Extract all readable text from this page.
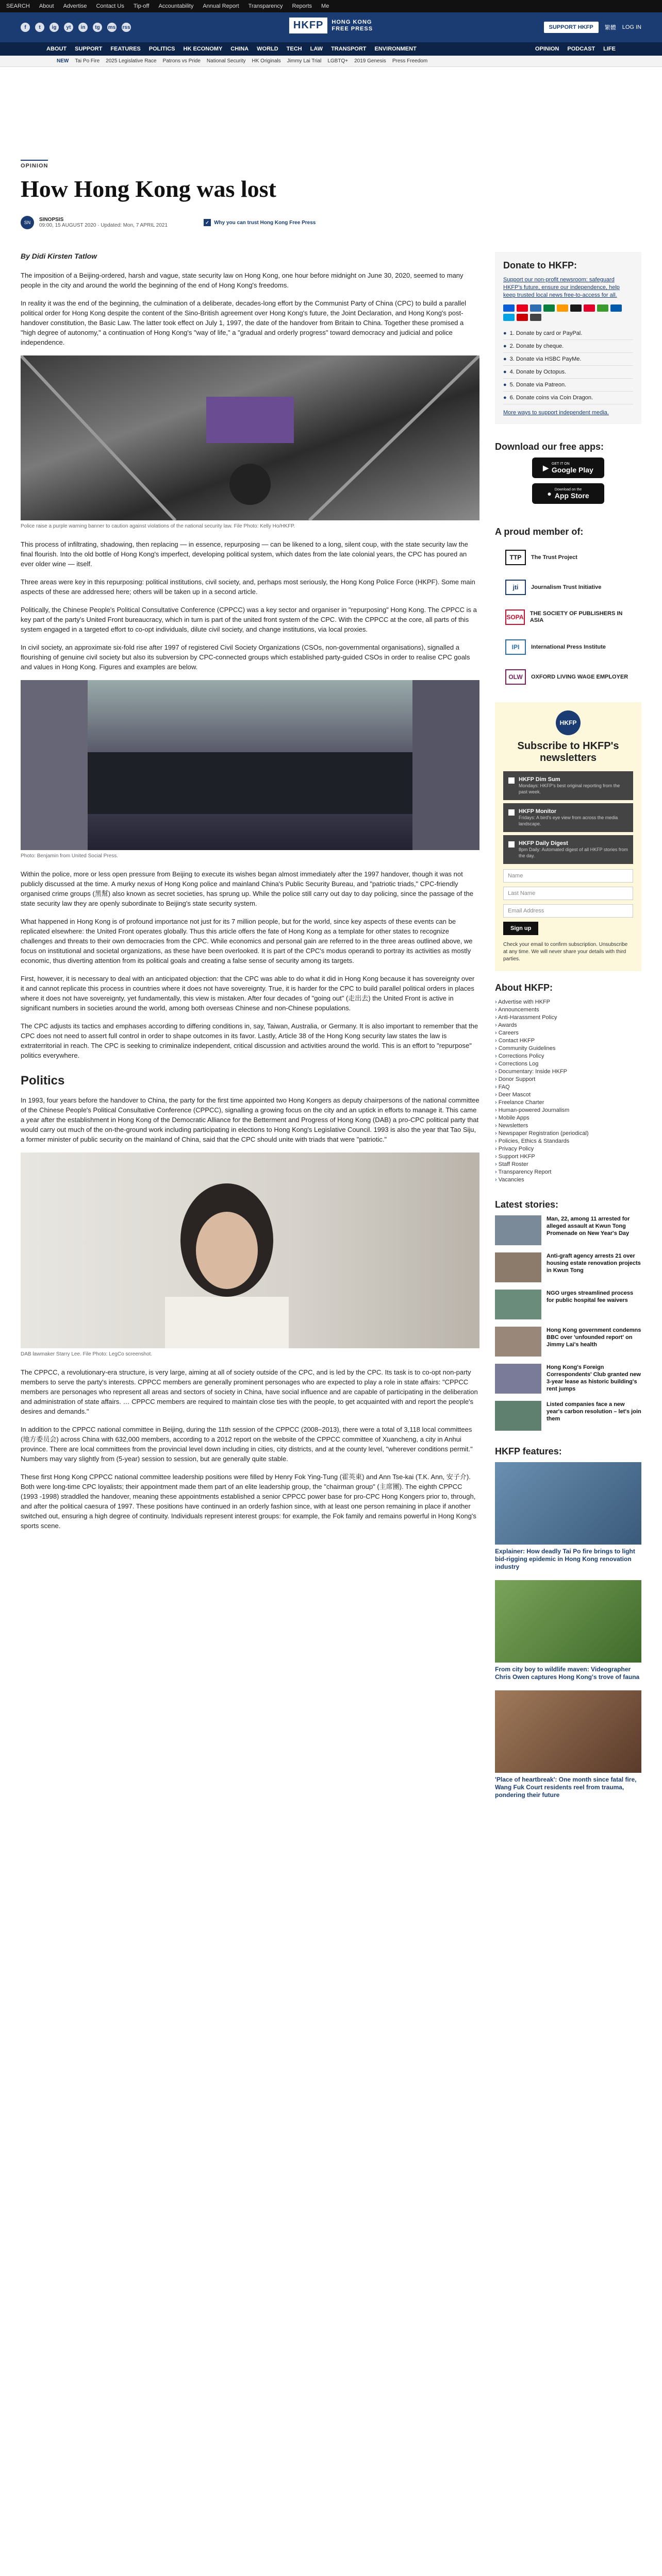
SEARCH About Advertise Contact Us Tip-off Accountability Annual Report Transparency Reports Me
f	t	ig	yt	in	tg	ms rss	HKFP	HONG KONG
FREE PRESS	SUPPORT HKFP	繁體 LOG IN
ABOUT SUPPORT FEATURES POLITICS HK ECONOMY CHINA WORLD TECH LAW TRANSPORT ENVIRONMENT	OPINION PODCAST LIFE
NEW Tai Po Fire 2025 Legislative Race Patrons vs Pride National Security HK Originals Jimmy Lai Trial LGBTQ+ 2019 Genesis Press Freedom
OPINION
How Hong Kong was lost
SN	SINOPSIS
09:00, 15 AUGUST 2020 · Updated: Mon, 7 APRIL 2021
✓ Why you can trust Hong Kong Free Press
By Didi Kirsten Tatlow

The imposition of a Beijing-ordered, harsh and vague, state security law on Hong Kong, one hour before midnight on June 30, 2020, seemed to many people in the city and around the world the beginning of the end of Hong Kong's freedoms.

In reality it was the end of the beginning, the culmination of a deliberate, decades-long effort by the Communist Party of China (CPC) to build a parallel political order for Hong Kong despite the content of the Sino-British agreement over Hong Kong's future, the Joint Declaration, and Hong Kong's post-handover constitution, the Basic Law. The latter took effect on July 1, 1997, the date of the handover from Britain to China. Together these promised a "high degree of autonomy," a continuation of Hong Kong's "way of life," a "gradual and orderly progress" toward democracy and judicial and police independence.

Police raise a purple warning banner to caution against violations of the national security law. File Photo: Kelly Ho/HKFP.

This process of infiltrating, shadowing, then replacing — in essence, repurposing — can be likened to a long, silent coup, with the state security law the final flourish. Into the old bottle of Hong Kong's imperfect, developing political system, which dates from the late colonial years, the CPC has poured an ever older wine — itself.

Three areas were key in this repurposing: political institutions, civil society, and, perhaps most seriously, the Hong Kong Police Force (HKPF). Some main aspects of these are addressed here; others will be taken up in a second article.

Politically, the Chinese People's Political Consultative Conference (CPPCC) was a key sector and organiser in "repurposing" Hong Kong. The CPPCC is a key part of the party's United Front bureaucracy, which in turn is part of the united front system of the CPC. With the CPPCC at the core, all parts of this system engaged in a targeted effort to co-opt individuals, dilute civil society, and change institutions, via local proxies.

In civil society, an approximate six-fold rise after 1997 of registered Civil Society Organizations (CSOs, non-governmental organisations), signalled a flourishing of genuine civil society but also its subversion by CPC-connected groups which established party-guided CSOs in order to realise CPC goals and values in Hong Kong. Figures and examples are below.

Photo: Benjamin from United Social Press.

Within the police, more or less open pressure from Beijing to execute its wishes began almost immediately after the 1997 handover, though it was not publicly discussed at the time. A murky nexus of Hong Kong police and mainland China's Public Security Bureau, and "patriotic triads," CPC-friendly organised crime groups (黑幫) also known as secret societies, has sprung up. While the police still carry out day to day policing, since the passage of the state security law they are openly subordinate to Beijing's state security system.

What happened in Hong Kong is of profound importance not just for its 7 million people, but for the world, since key aspects of these events can be replicated elsewhere: the United Front operates globally. Thus this article offers the fate of Hong Kong as a template for other states to recognize challenges and threats to their own democracies from the CPC. While economics and personal gain are referred to in the three areas outlined above, we focus on institutional and societal organizations, as these have been overlooked. It is part of the CPC's modus operandi to portray its activities as mostly economic, thus diverting attention from its political goals and creating a false sense of security among its targets.

First, however, it is necessary to deal with an anticipated objection: that the CPC was able to do what it did in Hong Kong because it has sovereignty over it and cannot replicate this process in countries where it does not have sovereignty. True, it is harder for the CPC to build parallel political orders in places where it does not have sovereignty, yet fundamentally, this view is mistaken. After four decades of "going out" (走出去) the United Front is active in significant numbers in societies around the world, among both overseas Chinese and non-Chinese populations.

The CPC adjusts its tactics and emphases according to differing conditions in, say, Taiwan, Australia, or Germany. It is also important to remember that the CPC does not need to assert full control in order to shape outcomes in its favor. Lastly, Article 38 of the Hong Kong security law states the law is extraterritorial in reach. The CPC is seeking to criminalize independent, critical discussion and activities around the world. This is an effort to "repurpose" politics everywhere.

Politics

In 1993, four years before the handover to China, the party for the first time appointed two Hong Kongers as deputy chairpersons of the national committee of the Chinese People's Political Consultative Conference (CPPCC), signalling a growing focus on the city and an uptick in efforts to manage it. This came a year after the establishment in Hong Kong of the Democratic Alliance for the Betterment and Progress of Hong Kong (DAB) a pro-CPC political party that would carry out much of the on-the-ground work including participating in elections to Hong Kong's Legislative Council. 1993 is also the year that Tao Siju, a former minister of public security on the mainland of China, said that the CPC should unite with triads that were "patriotic."

DAB lawmaker Starry Lee. File Photo: LegCo screenshot.

The CPPCC, a revolutionary-era structure, is very large, aiming at all of society outside of the CPC, and is led by the CPC. Its task is to co-opt non-party members to serve the party's interests. CPPCC members are generally prominent personages who are expected to play a role in state affairs: "CPPCC members are personages who represent all areas and sectors of society in China, have social influence and are capable of participating in the deliberation and administration of state affairs. … CPPCC members are required to maintain close ties with the people, to get acquainted with and report the people's desires and demands."

In addition to the CPPCC national committee in Beijing, during the 11th session of the CPPCC (2008–2013), there were a total of 3,118 local committees (地方委员会) across China with 632,000 members, according to a 2012 report on the website of the CPPCC committee of Xuancheng, a city in Anhui province. There are local committees from the provincial level down including in cities, city districts, and at the county level, "wherever conditions permit." Numbers may vary slightly from (5-year) session to session, but are generally quite stable.

These first Hong Kong CPPCC national committee leadership positions were filled by Henry Fok Ying-Tung (霍英東) and Ann Tse-kai (T.K. Ann, 安子介). Both were long-time CPC loyalists; their appointment made them part of an elite leadership group, the "chairman group" (主席團). The eighth CPPCC (1993 -1998) straddled the handover, meaning these appointments established a senior CPPCC power base for pro-CPC Hong Kongers prior to, through, and after the political caesura of 1997. These positions have continued in an orderly fashion since, with at least one person remaining in place if another switched out, ensuring a high degree of continuity. Individuals represent interest groups: for example, the Fok family and remains powerful in Hong Kong's sports scene.

Donate to HKFP:

Support our non-profit newsroom: safeguard HKFP's future, ensure our independence, help keep trusted local news free-to-access for all.

● 1. Donate by card or PayPal.
● 2. Donate by cheque.
● 3. Donate via HSBC PayMe.
● 4. Donate by Octopus.
● 5. Donate via Patreon.
● 6. Donate coins via Coin Dragon.
More ways to support independent media.
Download our free apps:
▶ GET IT ON
Google Play
● Download on the
App Store
A proud member of:
TTP	The Trust Project
jti	Journalism Trust Initiative
SOPA THE SOCIETY OF PUBLISHERS IN ASIA
IPI	International Press Institute
OLW	OXFORD LIVING WAGE EMPLOYER
HKFP
Subscribe to HKFP's newsletters
HKFP Dim Sum
Mondays: HKFP's best original reporting from the past week.
HKFP Monitor
Fridays: A bird's eye view from across the media landscape.
HKFP Daily Digest
8pm Daily: Automated digest of all HKFP stories from the day.
Name
Last Name
Email Address
Sign up
Check your email to confirm subscription. Unsubscribe at any time. We will never share your details with third parties.
About HKFP:
› Advertise with HKFP
› Announcements
› Anti-Harassment Policy
› Awards
› Careers
› Contact HKFP
› Community Guidelines
› Corrections Policy
› Corrections Log
› Documentary: Inside HKFP
› Donor Support
› FAQ
› Deer Mascot
› Freelance Charter
› Human-powered Journalism
› Mobile Apps
› Newsletters
› Newspaper Registration (periodical)
› Policies, Ethics & Standards
› Privacy Policy
› Support HKFP
› Staff Roster
› Transparency Report
› Vacancies
Latest stories:
Man, 22, among 11 arrested for alleged assault at Kwun Tong Promenade on New Year's Day
Anti-graft agency arrests 21 over housing estate renovation projects in Kwun Tong
NGO urges streamlined process for public hospital fee waivers
Hong Kong government condemns BBC over 'unfounded report' on Jimmy Lai's health
Hong Kong's Foreign Correspondents' Club granted new 3-year lease as historic building's rent jumps
Listed companies face a new year's carbon resolution – let's join them
HKFP features:
Explainer: How deadly Tai Po fire brings to light bid-rigging epidemic in Hong Kong renovation industry
From city boy to wildlife maven: Videographer Chris Owen captures Hong Kong's trove of fauna
'Place of heartbreak': One month since fatal fire, Wang Fuk Court residents reel from trauma, pondering their future
